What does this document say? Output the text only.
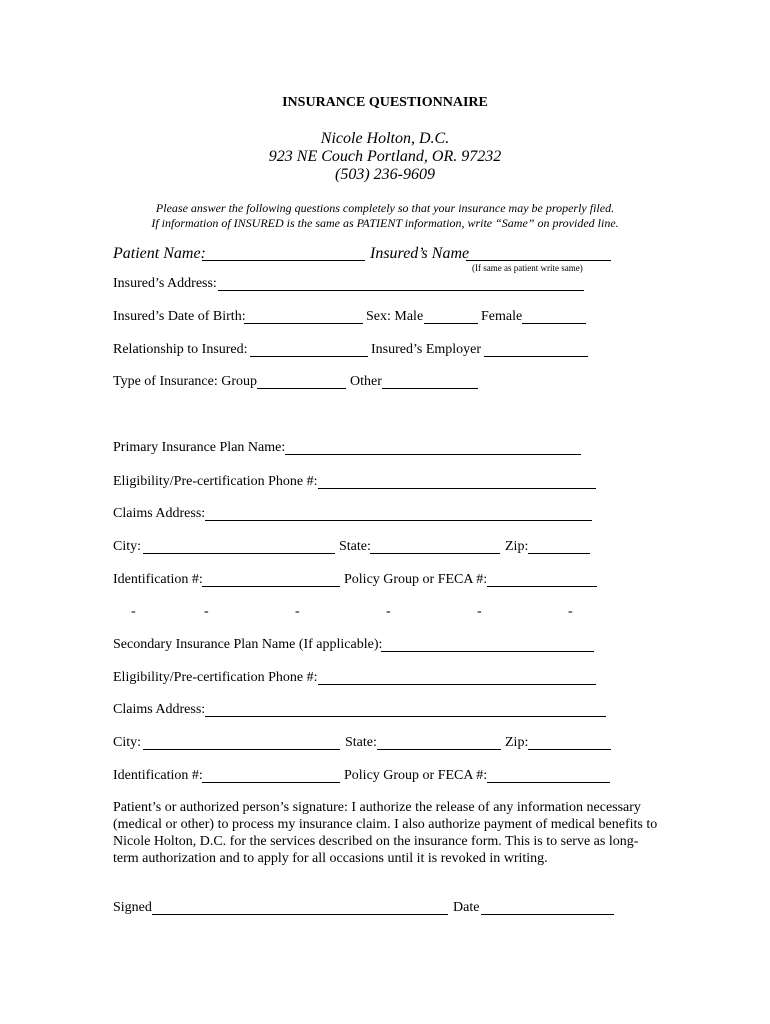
INSURANCE QUESTIONNAIRE
Nicole Holton, D.C.
923 NE Couch Portland, OR. 97232
(503) 236-9609
Please answer the following questions completely so that your insurance may be properly filed.
If information of INSURED is the same as PATIENT information, write “Same” on provided line.
Patient Name:	Insured’s Name
(If same as patient write same)
Insured’s Address:
Insured’s Date of Birth:	Sex: Male	Female
Relationship to Insured:	Insured’s Employer
Type of Insurance: Group	Other
Primary Insurance Plan Name:
Eligibility/Pre-certification Phone #:
Claims Address:
City:	State:	Zip:
Identification #:	Policy Group or FECA #:
-	-	-	-	-	-
Secondary Insurance Plan Name (If applicable):
Eligibility/Pre-certification Phone #:
Claims Address:
City:	State:	Zip:
Identification #:	Policy Group or FECA #:
Patient’s or authorized person’s signature: I authorize the release of any information necessary
(medical or other) to process my insurance claim. I also authorize payment of medical benefits to
Nicole Holton, D.C. for the services described on the insurance form. This is to serve as long-
term authorization and to apply for all occasions until it is revoked in writing.
Signed	Date
